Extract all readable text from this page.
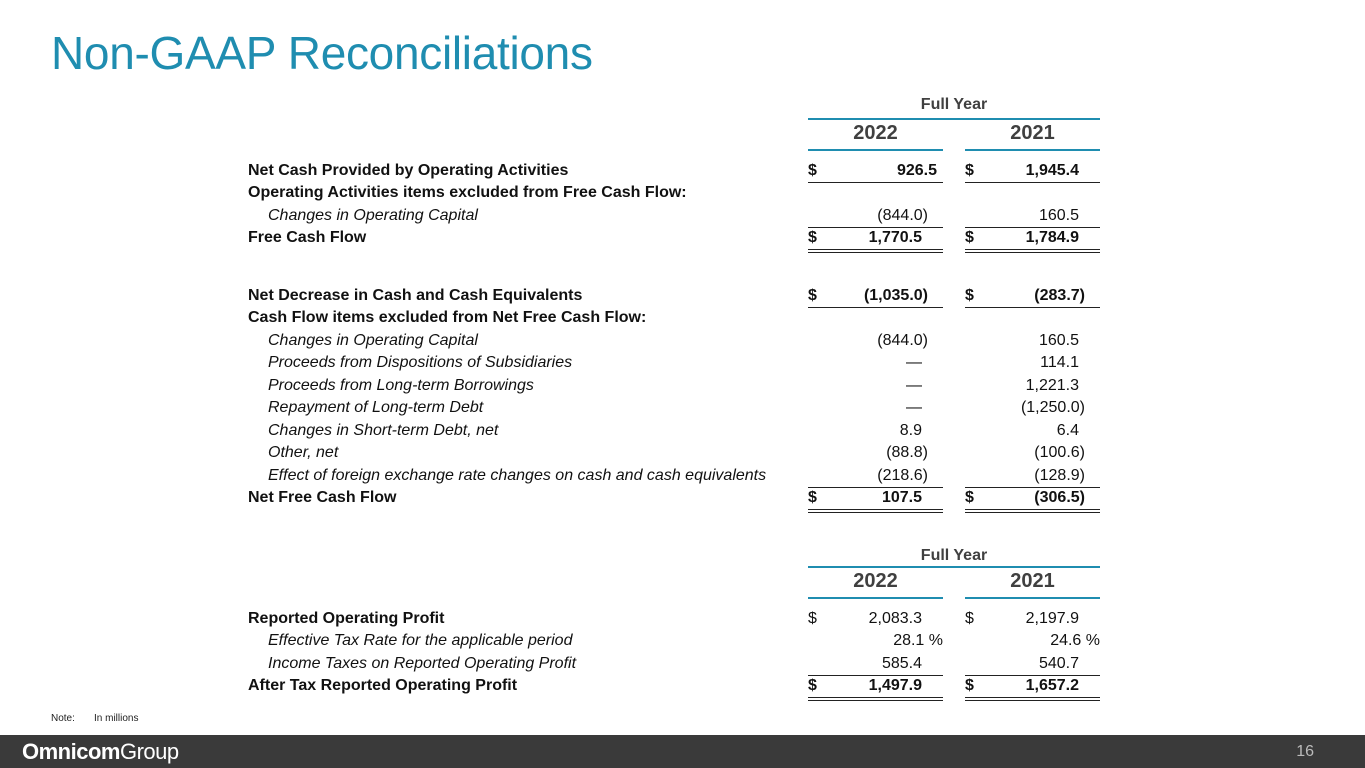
Non-GAAP Reconciliations
Full Year
2022	2021
Net Cash Provided by Operating Activities	$	926.5 $	1,945.4
Operating Activities items excluded from Free Cash Flow:
Changes in Operating Capital	(844.0)	160.5
Free Cash Flow	$	1,770.5	$	1,784.9
Net Decrease in Cash and Cash Equivalents	$	(1,035.0) $	(283.7)
Cash Flow items excluded from Net Free Cash Flow:
Changes in Operating Capital	(844.0)	160.5
Proceeds from Dispositions of Subsidiaries	—	114.1
Proceeds from Long-term Borrowings	—	1,221.3
Repayment of Long-term Debt	—	(1,250.0)
Changes in Short-term Debt, net	8.9	6.4
Other, net	(88.8)	(100.6)
Effect of foreign exchange rate changes on cash and cash equivalents	(218.6)	(128.9)
Net Free Cash Flow	$	107.5	$	(306.5)
Full Year
2022	2021
Reported Operating Profit	$	2,083.3	$	2,197.9
Effective Tax Rate for the applicable period	28.1 %	24.6 %
Income Taxes on Reported Operating Profit	585.4	540.7
After Tax Reported Operating Profit	$	1,497.9	$	1,657.2
Note: In millions
OmnicomGroup	16
